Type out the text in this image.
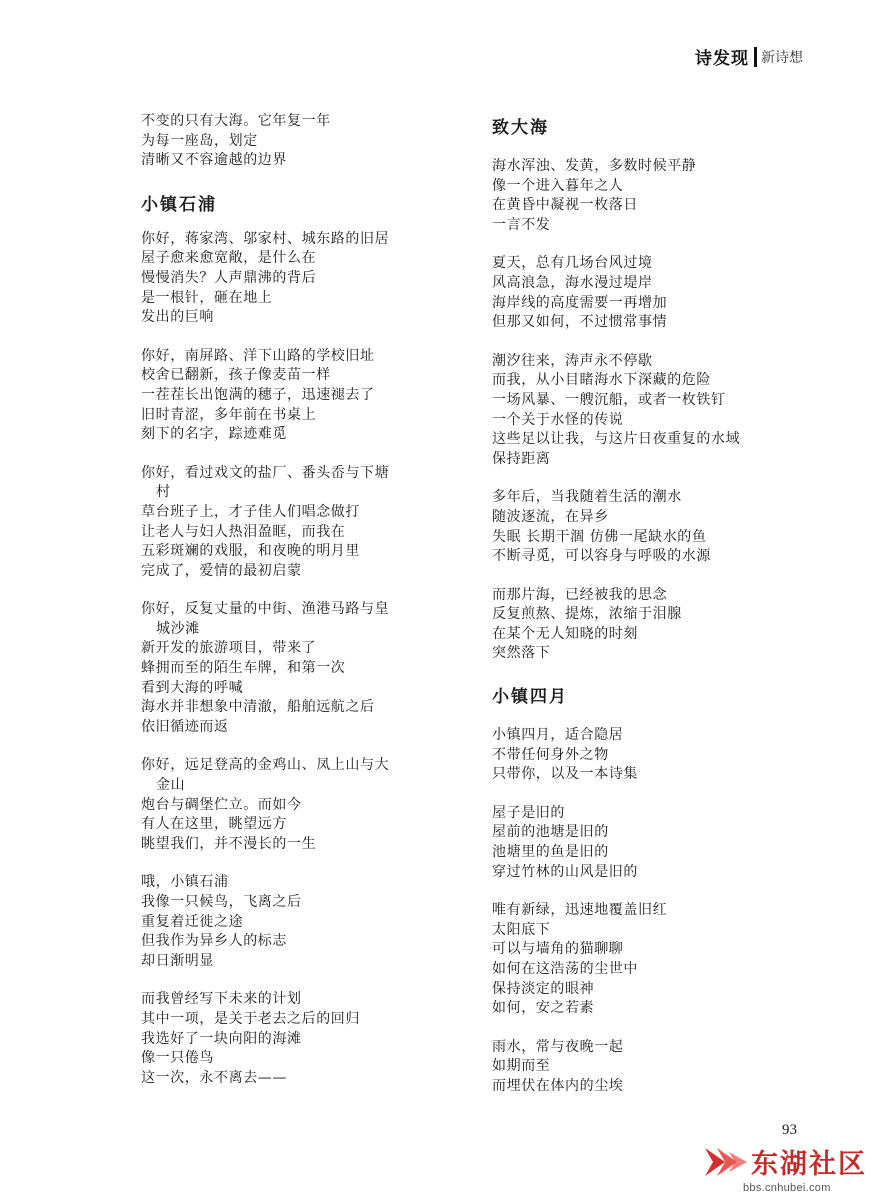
诗发现 新诗想
不变的只有大海。它年复一年
为每一座岛，划定
清晰又不容逾越的边界
小镇石浦
你好，蒋家湾、邬家村、城东路的旧居
屋子愈来愈宽敞，是什么在
慢慢消失？人声鼎沸的背后
是一根针，砸在地上
发出的巨响
你好，南屏路、洋下山路的学校旧址
校舍已翻新，孩子像麦苗一样
一茬茬长出饱满的穗子，迅速褪去了
旧时青涩，多年前在书桌上
刻下的名字，踪迹难觅
你好，看过戏文的盐厂、番头岙与下塘
村
草台班子上，才子佳人们唱念做打
让老人与妇人热泪盈眶，而我在
五彩斑斓的戏服，和夜晚的明月里
完成了，爱情的最初启蒙
你好，反复丈量的中街、渔港马路与皇
城沙滩
新开发的旅游项目，带来了
蜂拥而至的陌生车牌，和第一次
看到大海的呼喊
海水并非想象中清澈，船舶远航之后
依旧循迹而返
你好，远足登高的金鸡山、凤上山与大
金山
炮台与碉堡伫立。而如今
有人在这里，眺望远方
眺望我们，并不漫长的一生
哦，小镇石浦
我像一只候鸟，飞离之后
重复着迁徙之途
但我作为异乡人的标志
却日渐明显
而我曾经写下未来的计划
其中一项，是关于老去之后的回归
我选好了一块向阳的海滩
像一只倦鸟
这一次，永不离去——
致大海
海水浑浊、发黄，多数时候平静
像一个进入暮年之人
在黄昏中凝视一枚落日
一言不发
夏天，总有几场台风过境
风高浪急，海水漫过堤岸
海岸线的高度需要一再增加
但那又如何，不过惯常事情
潮汐往来，涛声永不停歇
而我，从小目睹海水下深藏的危险
一场风暴、一艘沉船，或者一枚铁钉
一个关于水怪的传说
这些足以让我，与这片日夜重复的水域
保持距离
多年后，当我随着生活的潮水
随波逐流，在异乡
失眠 长期干涸 仿佛一尾缺水的鱼
不断寻觅，可以容身与呼吸的水源
而那片海，已经被我的思念
反复煎熬、提炼，浓缩于泪腺
在某个无人知晓的时刻
突然落下
小镇四月
小镇四月，适合隐居
不带任何身外之物
只带你，以及一本诗集
屋子是旧的
屋前的池塘是旧的
池塘里的鱼是旧的
穿过竹林的山风是旧的
唯有新绿，迅速地覆盖旧红
太阳底下
可以与墙角的猫聊聊
如何在这浩荡的尘世中
保持淡定的眼神
如何，安之若素
雨水，常与夜晚一起
如期而至
而埋伏在体内的尘埃
93
东湖社区
bbs.cnhubei.com
